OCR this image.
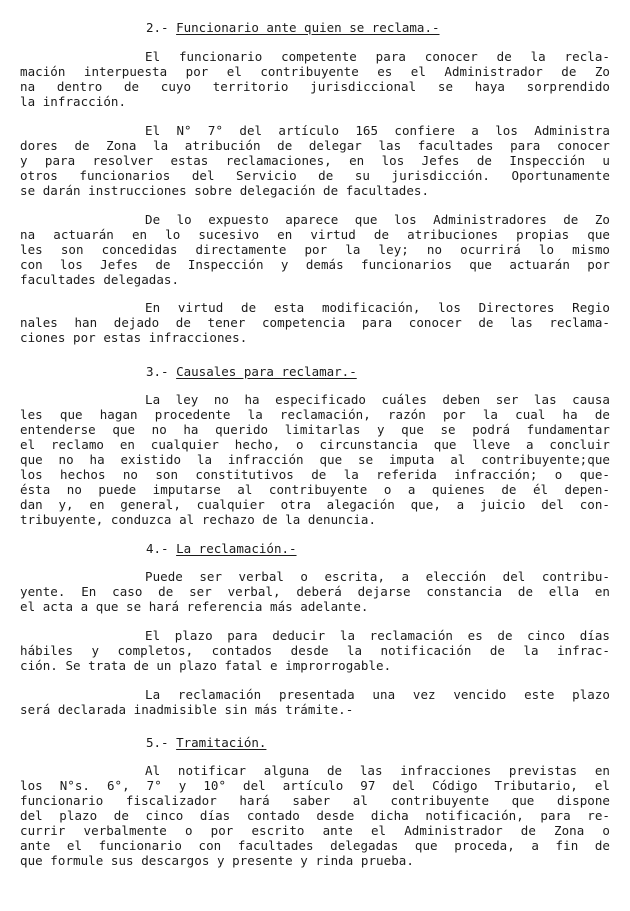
2.- Funcionario ante quien se reclama.-
El funcionario competente para conocer de la recla-
mación interpuesta por el contribuyente es el Administrador de Zo
na dentro de cuyo territorio jurisdiccional se haya sorprendido
la infracción.
El N° 7° del artículo 165 confiere a los Administra
dores de Zona la atribución de delegar las facultades para conocer
y para resolver estas reclamaciones, en los Jefes de Inspección u
otros funcionarios del Servicio de su jurisdicción. Oportunamente
se darán instrucciones sobre delegación de facultades.
De lo expuesto aparece que los Administradores de Zo
na actuarán en lo sucesivo en virtud de atribuciones propias que
les son concedidas directamente por la ley; no ocurrirá lo mismo
con los Jefes de Inspección y demás funcionarios que actuarán por
facultades delegadas.
En virtud de esta modificación, los Directores Regio
nales han dejado de tener competencia para conocer de las reclama-
ciones por estas infracciones.
3.- Causales para reclamar.-
La ley no ha especificado cuáles deben ser las causa
les que hagan procedente la reclamación, razón por la cual ha de
entenderse que no ha querido limitarlas y que se podrá fundamentar
el reclamo en cualquier hecho, o circunstancia que lleve a concluir
que no ha existido la infracción que se imputa al contribuyente;que
los hechos no son constitutivos de la referida infracción; o que-
ésta no puede imputarse al contribuyente o a quienes de él depen-
dan y, en general, cualquier otra alegación que, a juicio del con-
tribuyente, conduzca al rechazo de la denuncia.
4.- La reclamación.-
Puede ser verbal o escrita, a elección del contribu-
yente. En caso de ser verbal, deberá dejarse constancia de ella en
el acta a que se hará referencia más adelante.
El plazo para deducir la reclamación es de cinco días
hábiles y completos, contados desde la notificación de la infrac-
ción. Se trata de un plazo fatal e improrrogable.
La reclamación presentada una vez vencido este plazo
será declarada inadmisible sin más trámite.-
5.- Tramitación.
Al notificar alguna de las infracciones previstas en
los N°s. 6°, 7° y 10° del artículo 97 del Código Tributario, el
funcionario fiscalizador hará saber al contribuyente que dispone
del plazo de cinco días contado desde dicha notificación, para re-
currir verbalmente o por escrito ante el Administrador de Zona o
ante el funcionario con facultades delegadas que proceda, a fin de
que formule sus descargos y presente y rinda prueba.
